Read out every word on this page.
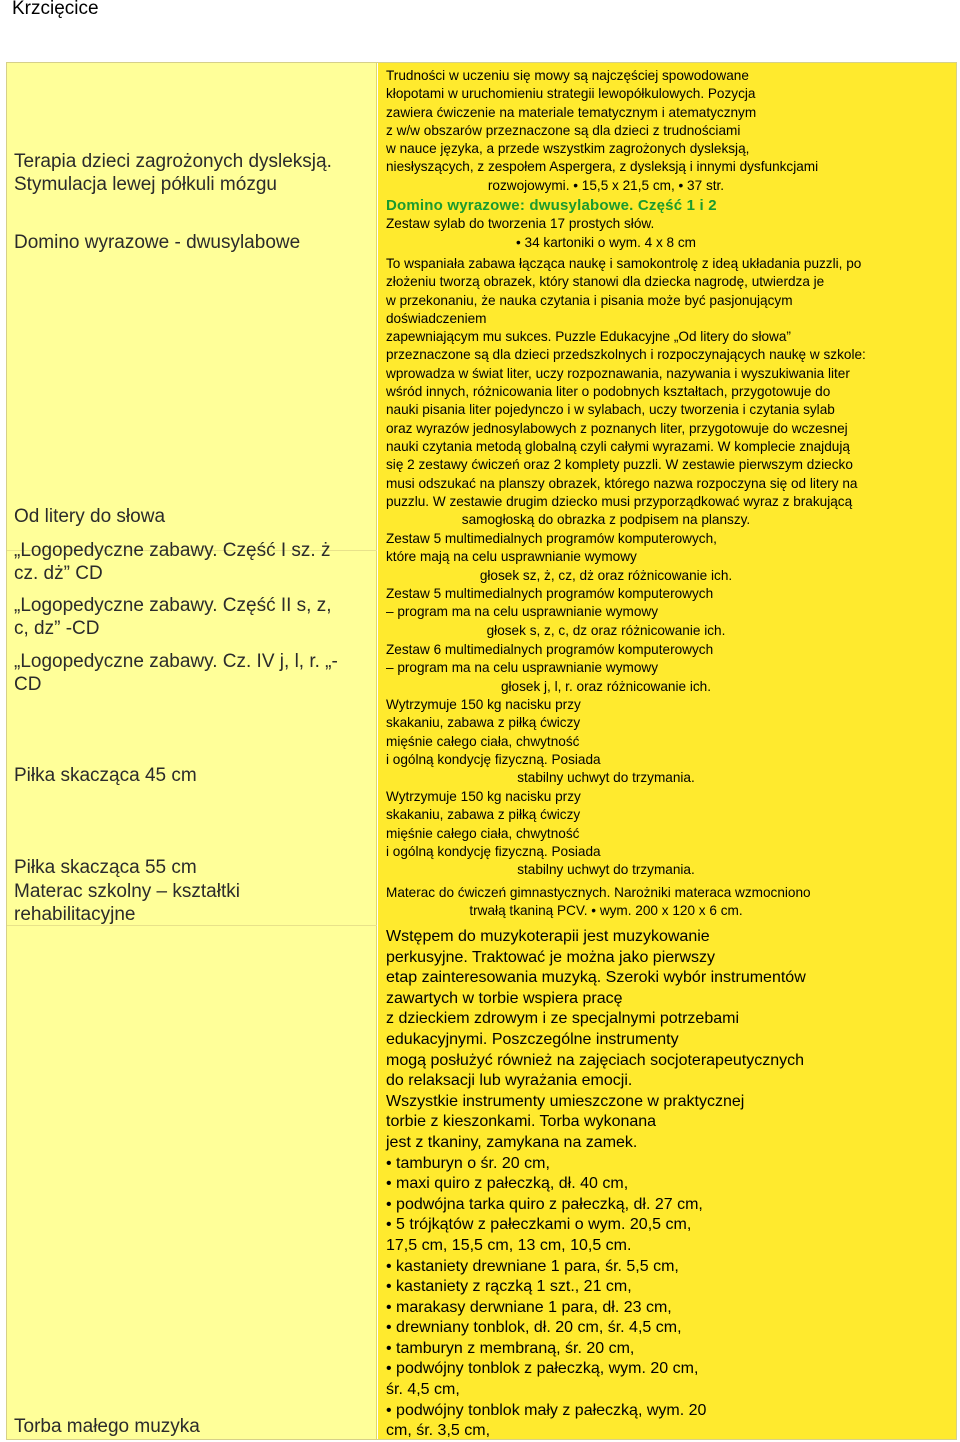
Krzcięcice

Terapia dzieci zagrożonych dysleksją.
Stymulacja lewej półkuli mózgu

Domino wyrazowe - dwusylabowe

Od litery do słowa

„Logopedyczne zabawy. Część I sz. ż
cz. dż” CD

„Logopedyczne zabawy. Część II s, z,
c, dz” -CD

„Logopedyczne zabawy. Cz. IV j, l, r. „-
CD

Piłka skacząca 45 cm

Piłka skacząca 55 cm

Materac szkolny – kształtki
rehabilitacyjne

Torba małego muzyka

Trudności w uczeniu się mowy są najczęściej spowodowane

kłopotami w uruchomieniu strategii lewopółkulowych. Pozycja

zawiera ćwiczenie na materiale tematycznym i atematycznym

z w/w obszarów przeznaczone są dla dzieci z trudnościami

w nauce języka, a przede wszystkim zagrożonych dysleksją,

niesłyszących, z zespołem Aspergera, z dysleksją i innymi dysfunkcjami

rozwojowymi. • 15,5 x 21,5 cm, • 37 str.

Domino wyrazowe: dwusylabowe. Część 1 i 2

Zestaw sylab do tworzenia 17 prostych słów.

• 34 kartoniki o wym. 4 x 8 cm

To wspaniała zabawa łącząca naukę i samokontrolę z ideą układania puzzli, po

złożeniu tworzą obrazek, który stanowi dla dziecka nagrodę, utwierdza je

w przekonaniu, że nauka czytania i pisania może być pasjonującym

doświadczeniem

zapewniającym mu sukces. Puzzle Edukacyjne „Od litery do słowa”

przeznaczone są dla dzieci przedszkolnych i rozpoczynających naukę w szkole:

wprowadza w świat liter, uczy rozpoznawania, nazywania i wyszukiwania liter

wśród innych, różnicowania liter o podobnych kształtach, przygotowuje do

nauki pisania liter pojedynczo i w sylabach, uczy tworzenia i czytania sylab

oraz wyrazów jednosylabowych z poznanych liter, przygotowuje do wczesnej

nauki czytania metodą globalną czyli całymi wyrazami. W komplecie znajdują

się 2 zestawy ćwiczeń oraz 2 komplety puzzli. W zestawie pierwszym dziecko

musi odszukać na planszy obrazek, którego nazwa rozpoczyna się od litery na

puzzlu. W zestawie drugim dziecko musi przyporządkować wyraz z brakującą

samogłoską do obrazka z podpisem na planszy.

Zestaw 5 multimedialnych programów komputerowych,

które mają na celu usprawnianie wymowy

głosek sz, ż, cz, dż oraz różnicowanie ich.

Zestaw 5 multimedialnych programów komputerowych

– program ma na celu usprawnianie wymowy

głosek s, z, c, dz oraz różnicowanie ich.

Zestaw 6 multimedialnych programów komputerowych

– program ma na celu usprawnianie wymowy

głosek j, l, r. oraz różnicowanie ich.

Wytrzymuje 150 kg nacisku przy

skakaniu, zabawa z piłką ćwiczy

mięśnie całego ciała, chwytność

i ogólną kondycję fizyczną. Posiada

stabilny uchwyt do trzymania.

Wytrzymuje 150 kg nacisku przy

skakaniu, zabawa z piłką ćwiczy

mięśnie całego ciała, chwytność

i ogólną kondycję fizyczną. Posiada

stabilny uchwyt do trzymania.

Materac do ćwiczeń gimnastycznych. Narożniki materaca wzmocniono

trwałą tkaniną PCV. • wym. 200 x 120 x 6 cm.

Wstępem do muzykoterapii jest muzykowanie

perkusyjne. Traktować je można jako pierwszy

etap zainteresowania muzyką. Szeroki wybór instrumentów

zawartych w torbie wspiera pracę

z dzieckiem zdrowym i ze specjalnymi potrzebami

edukacyjnymi. Poszczególne instrumenty

mogą posłużyć również na zajęciach socjoterapeutycznych

do relaksacji lub wyrażania emocji.

Wszystkie instrumenty umieszczone w praktycznej

torbie z kieszonkami. Torba wykonana

jest z tkaniny, zamykana na zamek.

• tamburyn o śr. 20 cm,

• maxi quiro z pałeczką, dł. 40 cm,

• podwójna tarka quiro z pałeczką, dł. 27 cm,

• 5 trójkątów z pałeczkami o wym. 20,5 cm,

17,5 cm, 15,5 cm, 13 cm, 10,5 cm.

• kastaniety drewniane 1 para, śr. 5,5 cm,

• kastaniety z rączką 1 szt., 21 cm,

• marakasy derwniane 1 para, dł. 23 cm,

• drewniany tonblok, dł. 20 cm, śr. 4,5 cm,

• tamburyn z membraną, śr. 20 cm,

• podwójny tonblok z pałeczką, wym. 20 cm,

śr. 4,5 cm,

• podwójny tonblok mały z pałeczką, wym. 20

cm, śr. 3,5 cm,
